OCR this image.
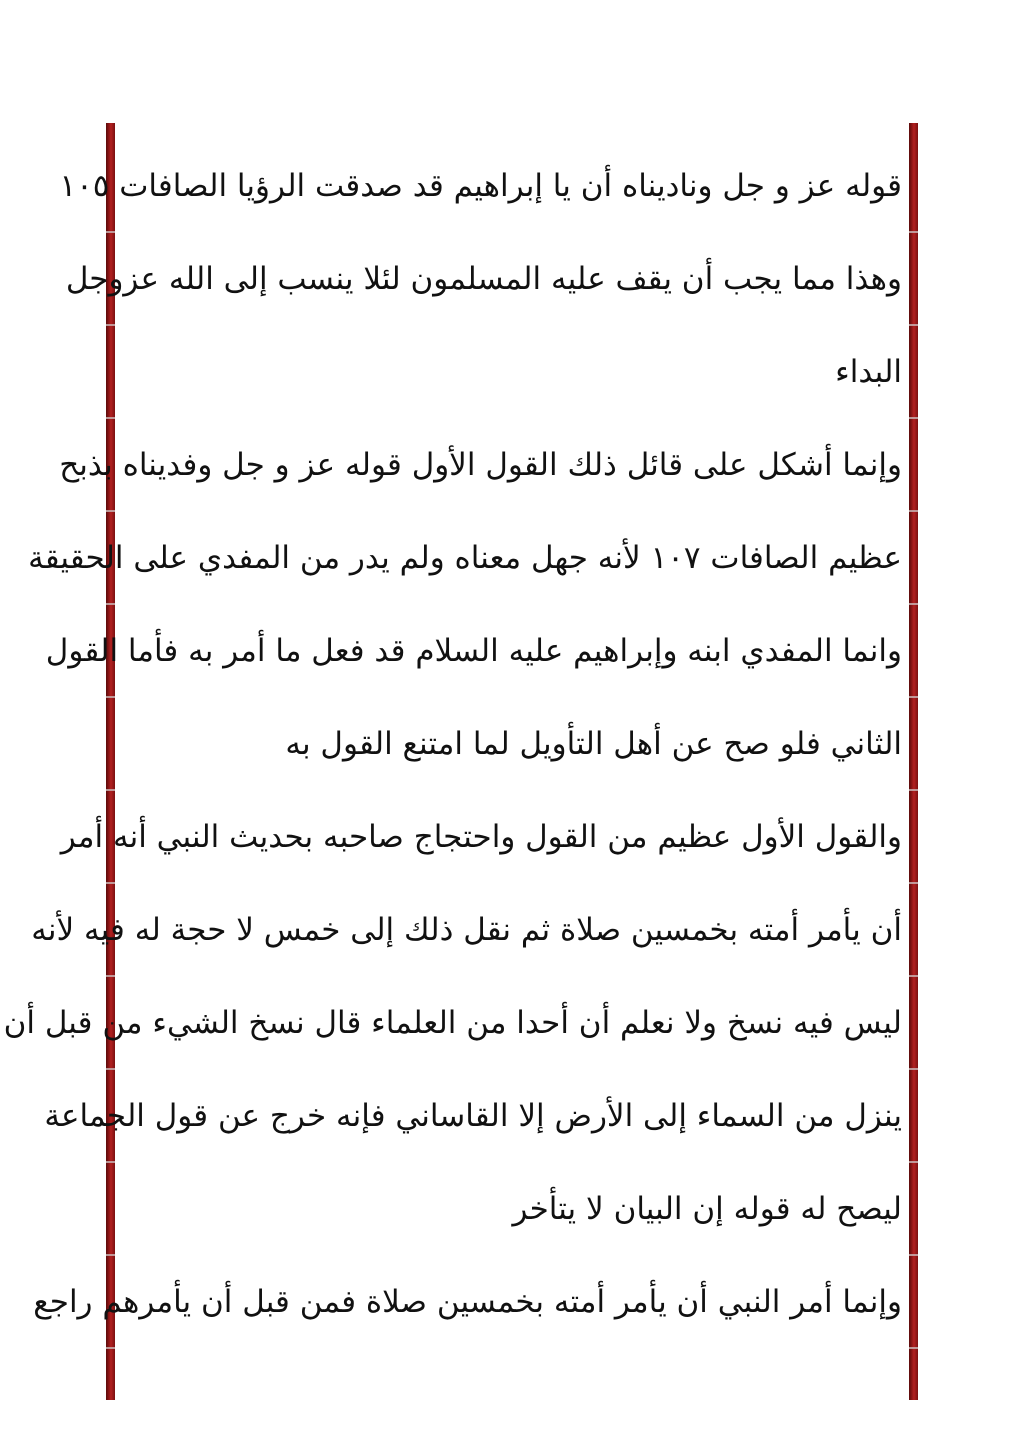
قوله عز و جل وناديناه أن يا إبراهيم قد صدقت الرؤيا الصافات ١٠٥
وهذا مما يجب أن يقف عليه المسلمون لئلا ينسب إلى الله عزوجل
البداء
وإنما أشكل على قائل ذلك القول الأول قوله عز و جل وفديناه بذبح
عظيم الصافات ١٠٧ لأنه جهل معناه ولم يدر من المفدي على الحقيقة
وانما المفدي ابنه وإبراهيم عليه السلام قد فعل ما أمر به فأما القول
الثاني فلو صح عن أهل التأويل لما امتنع القول به
والقول الأول عظيم من القول واحتجاج صاحبه بحديث النبي أنه أمر
أن يأمر أمته بخمسين صلاة ثم نقل ذلك إلى خمس لا حجة له فيه لأنه
ليس فيه نسخ ولا نعلم أن أحدا من العلماء قال نسخ الشيء من قبل أن
ينزل من السماء إلى الأرض إلا القاساني فإنه خرج عن قول الجماعة
ليصح له قوله إن البيان لا يتأخر
وإنما أمر النبي أن يأمر أمته بخمسين صلاة فمن قبل أن يأمرهم راجع
